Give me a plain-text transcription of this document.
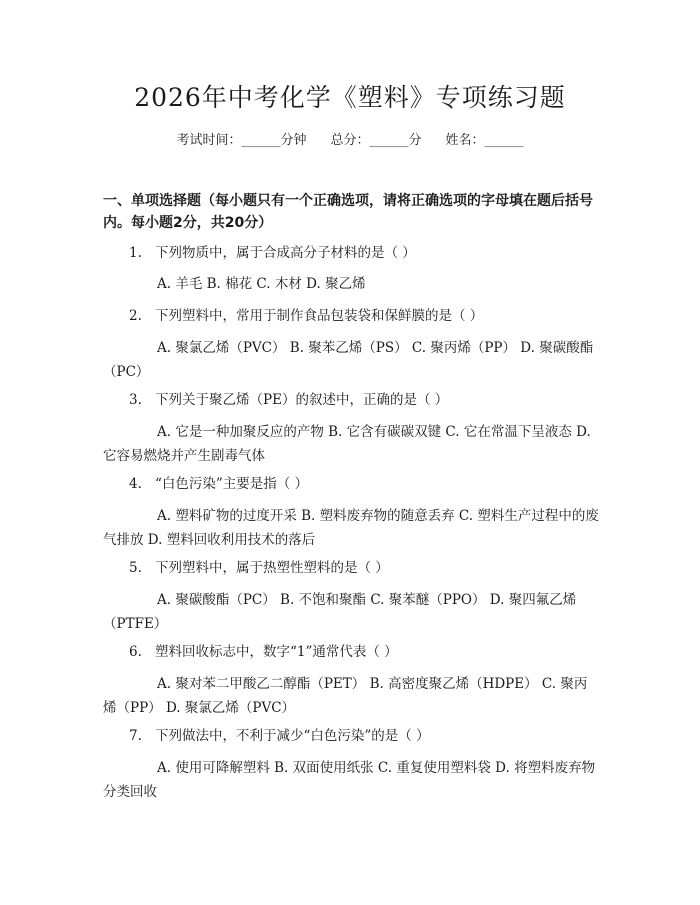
2026年中考化学《塑料》专项练习题
考试时间：______分钟 总分：______分 姓名：______
一、单项选择题（每小题只有一个正确选项，请将正确选项的字母填在题后括号内。每小题2分，共20分）
1. 下列物质中，属于合成高分子材料的是（ ）
A. 羊毛 B. 棉花 C. 木材 D. 聚乙烯
2. 下列塑料中，常用于制作食品包装袋和保鲜膜的是（ ）
A. 聚氯乙烯（PVC） B. 聚苯乙烯（PS） C. 聚丙烯（PP） D. 聚碳酸酯（PC）
3. 下列关于聚乙烯（PE）的叙述中，正确的是（ ）
A. 它是一种加聚反应的产物 B. 它含有碳碳双键 C. 它在常温下呈液态 D. 它容易燃烧并产生剧毒气体
4. “白色污染”主要是指（ ）
A. 塑料矿物的过度开采 B. 塑料废弃物的随意丢弃 C. 塑料生产过程中的废气排放 D. 塑料回收利用技术的落后
5. 下列塑料中，属于热塑性塑料的是（ ）
A. 聚碳酸酯（PC） B. 不饱和聚酯 C. 聚苯醚（PPO） D. 聚四氟乙烯（PTFE）
6. 塑料回收标志中，数字“1”通常代表（ ）
A. 聚对苯二甲酸乙二醇酯（PET） B. 高密度聚乙烯（HDPE） C. 聚丙烯（PP） D. 聚氯乙烯（PVC）
7. 下列做法中，不利于减少“白色污染”的是（ ）
A. 使用可降解塑料 B. 双面使用纸张 C. 重复使用塑料袋 D. 将塑料废弃物分类回收
